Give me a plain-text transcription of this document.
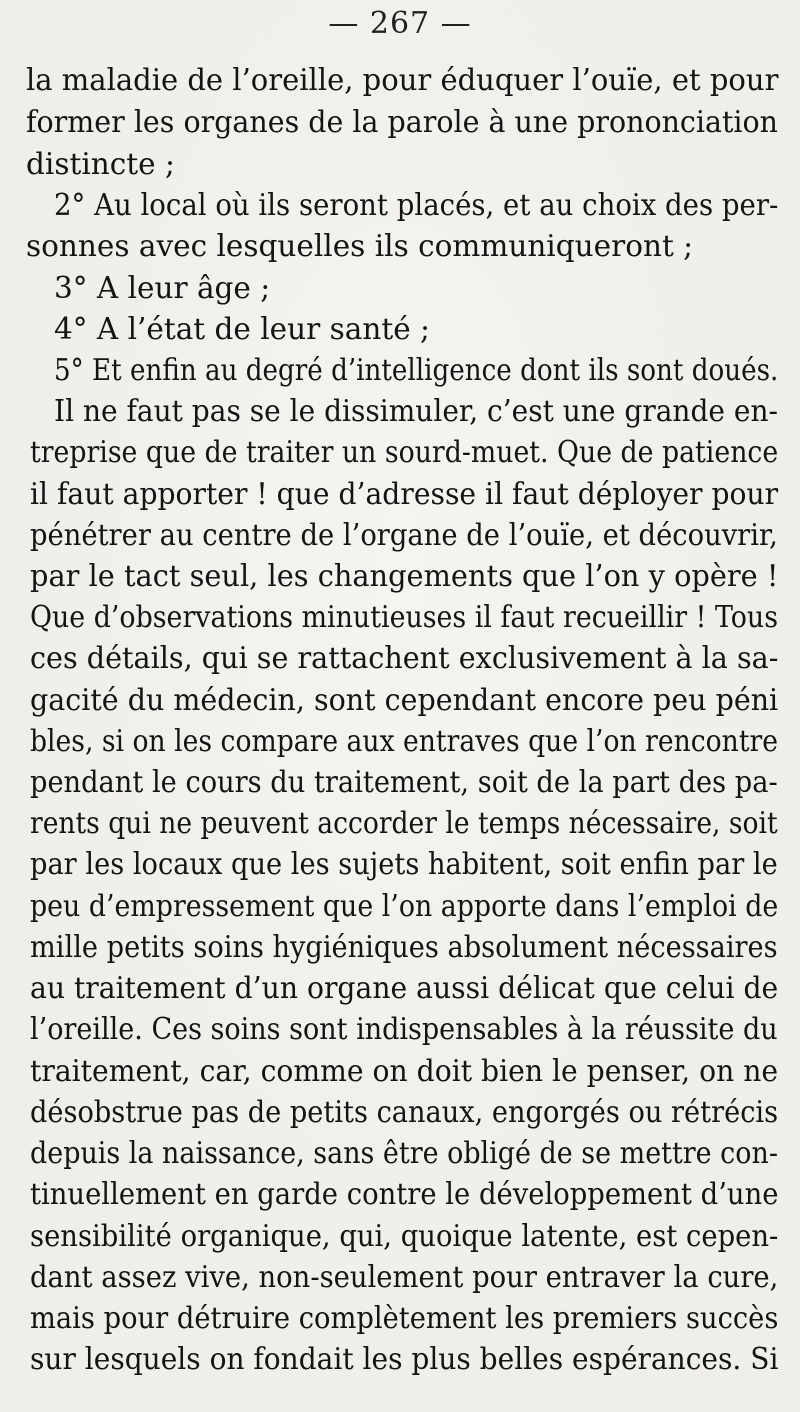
— 267 —
la maladie de l’oreille, pour éduquer l’ouïe, et pour
former les organes de la parole à une prononciation
distincte ;
2° Au local où ils seront placés, et au choix des per-
sonnes avec lesquelles ils communiqueront ;
3° A leur âge ;
4° A l’état de leur santé ;
5° Et enfin au degré d’intelligence dont ils sont doués.
Il ne faut pas se le dissimuler, c’est une grande en-
treprise que de traiter un sourd-muet. Que de patience
il faut apporter ! que d’adresse il faut déployer pour
pénétrer au centre de l’organe de l’ouïe, et découvrir,
par le tact seul, les changements que l’on y opère !
Que d’observations minutieuses il faut recueillir ! Tous
ces détails, qui se rattachent exclusivement à la sa-
gacité du médecin, sont cependant encore peu péni
bles, si on les compare aux entraves que l’on rencontre
pendant le cours du traitement, soit de la part des pa-
rents qui ne peuvent accorder le temps nécessaire, soit
par les locaux que les sujets habitent, soit enfin par le
peu d’empressement que l’on apporte dans l’emploi de
mille petits soins hygiéniques absolument nécessaires
au traitement d’un organe aussi délicat que celui de
l’oreille. Ces soins sont indispensables à la réussite du
traitement, car, comme on doit bien le penser, on ne
désobstrue pas de petits canaux, engorgés ou rétrécis
depuis la naissance, sans être obligé de se mettre con-
tinuellement en garde contre le développement d’une
sensibilité organique, qui, quoique latente, est cepen-
dant assez vive, non-seulement pour entraver la cure,
mais pour détruire complètement les premiers succès
sur lesquels on fondait les plus belles espérances. Si
